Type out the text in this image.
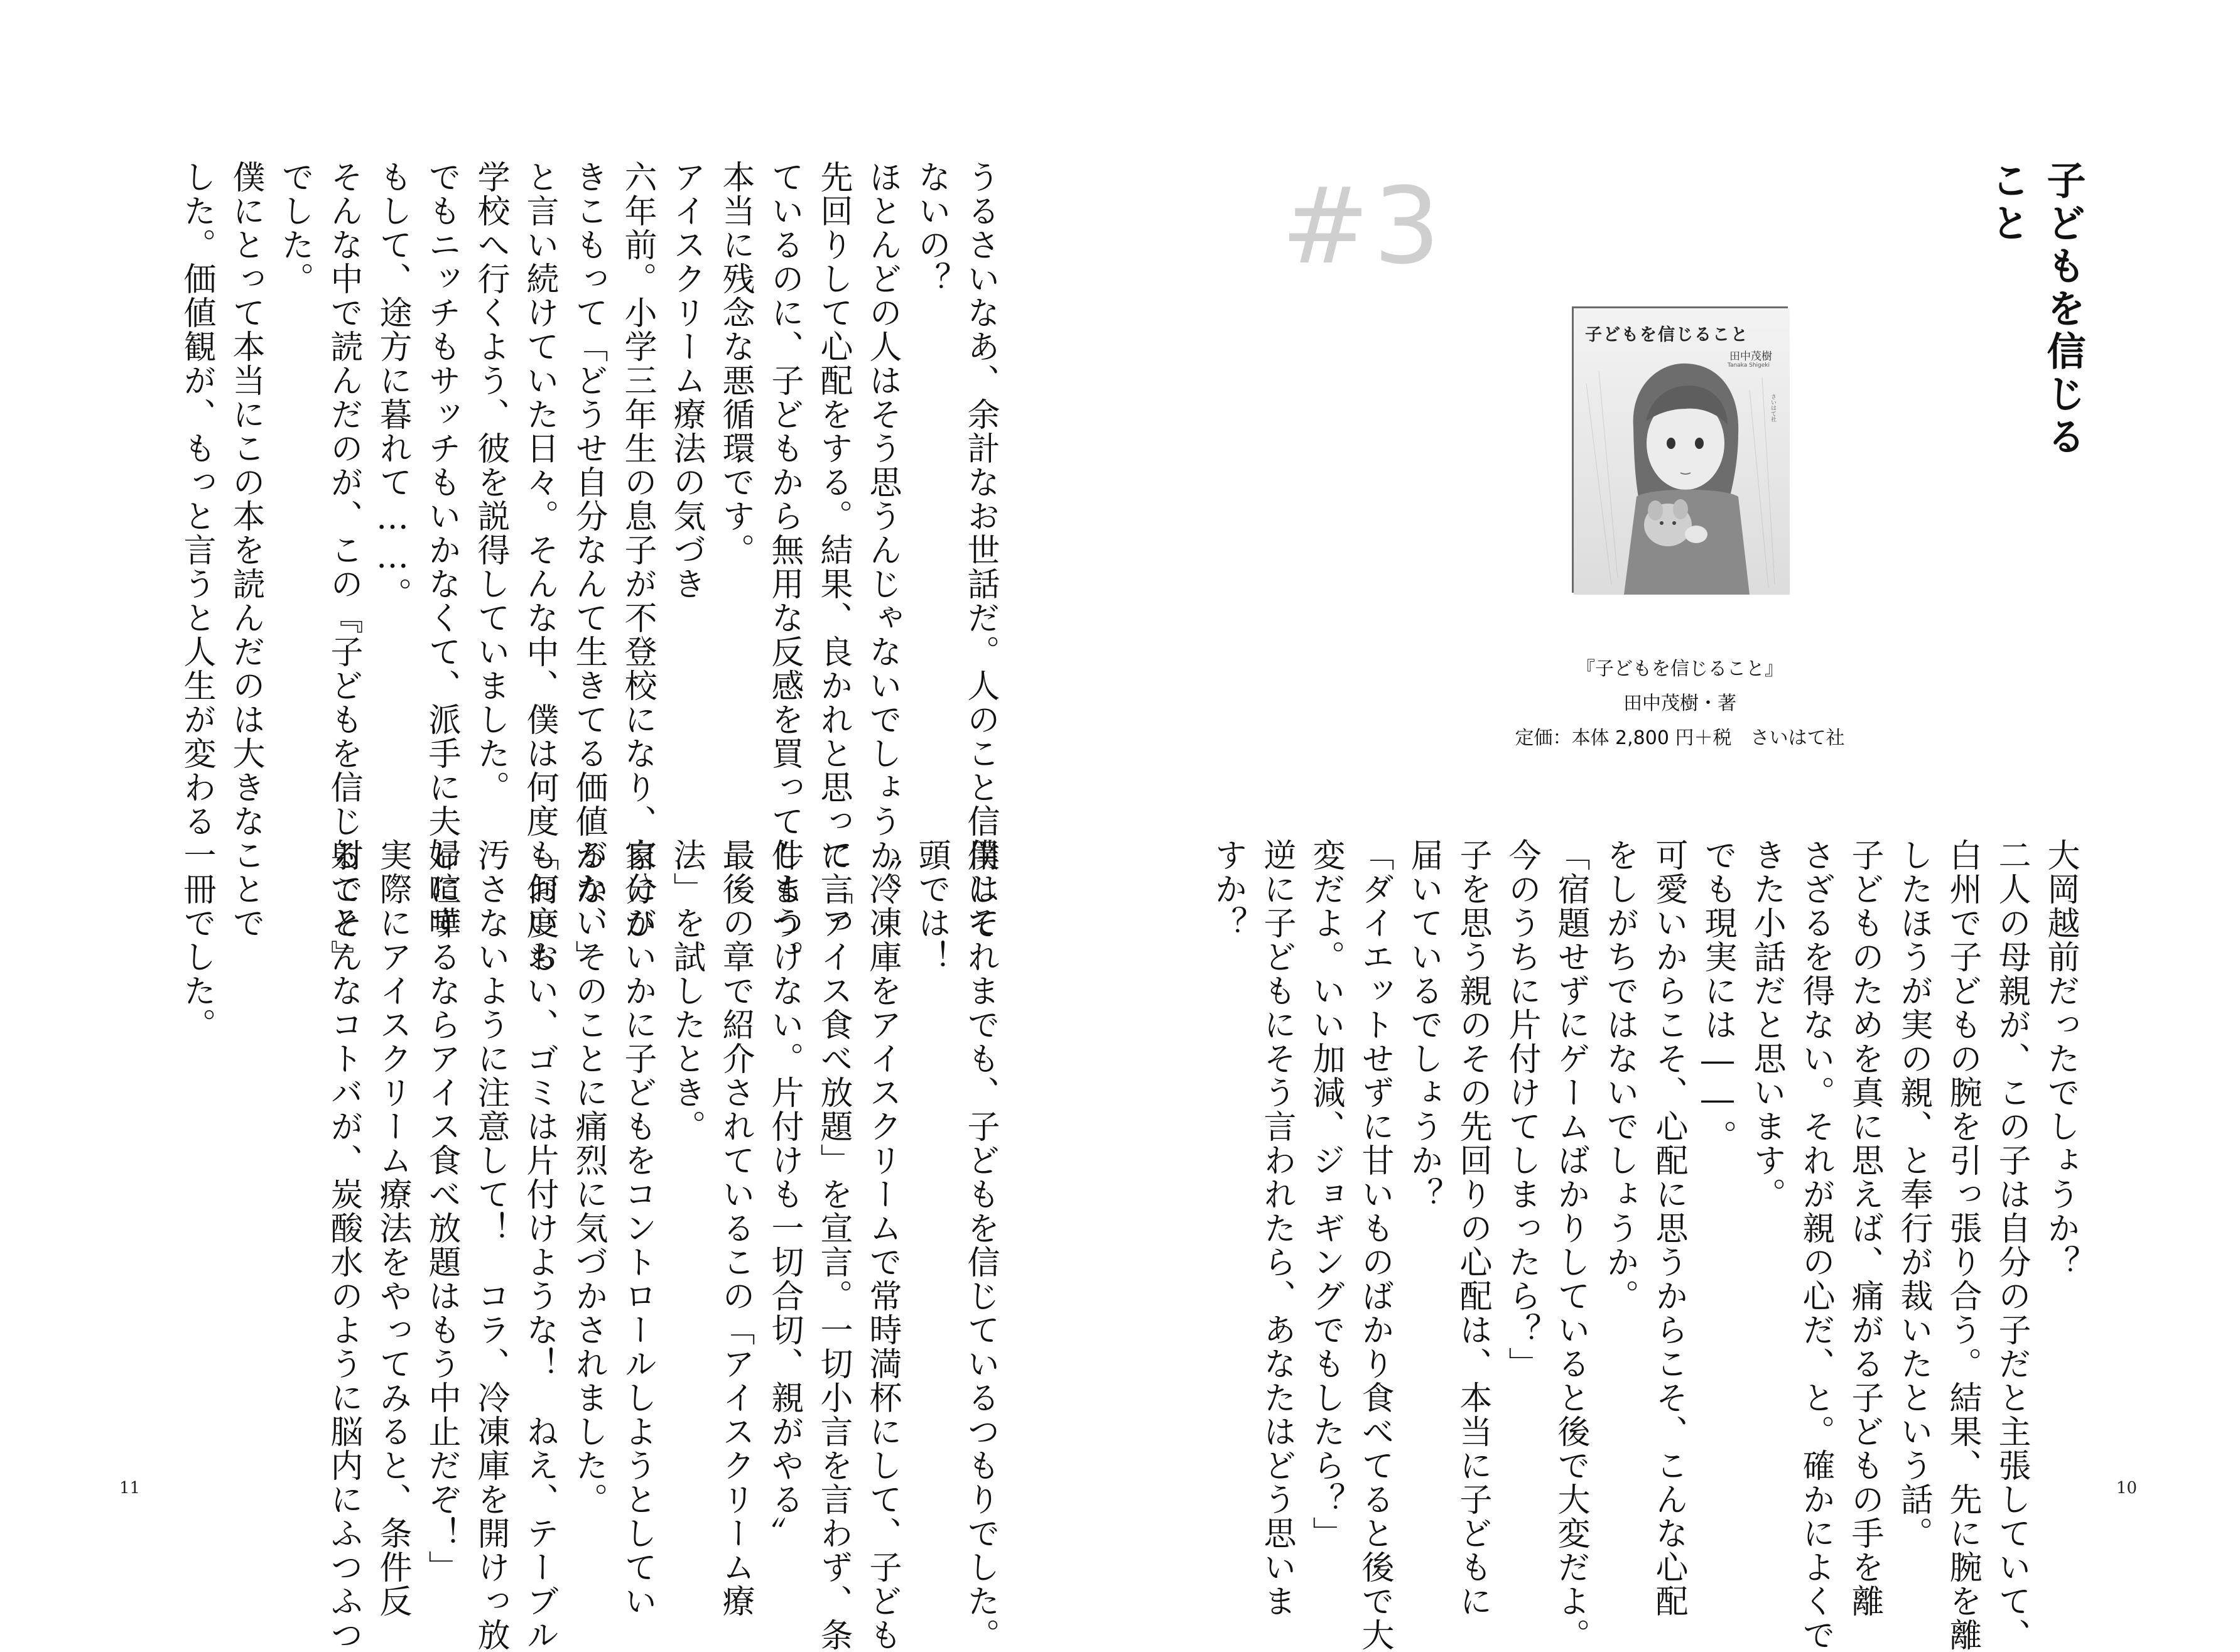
子どもを信じること
#3
子どもを信じること
田中茂樹
Tanaka Shigeki
さいはて社
『子どもを信じること』
田中茂樹・著
定価：本体 2,800 円＋税　さいはて社
大岡越前だったでしょうか？
二人の母親が、この子は自分の子だと主張していて、
白州で子どもの腕を引っ張り合う。結果、先に腕を離
したほうが実の親、と奉行が裁いたという話。
子どものためを真に思えば、痛がる子どもの手を離
さざるを得ない。それが親の心だ、と。確かによくで
きた小話だと思います。
でも現実には――。
可愛いからこそ、心配に思うからこそ、こんな心配
をしがちではないでしょうか。
「宿題せずにゲームばかりしていると後で大変だよ。
今のうちに片付けてしまったら？」
子を思う親のその先回りの心配は、本当に子どもに
届いているでしょうか？
「ダイエットせずに甘いものばかり食べてると後で大
変だよ。いい加減、ジョギングでもしたら？」
逆に子どもにそう言われたら、あなたはどう思いま
すか？
10
うるさいなあ、余計なお世話だ。人のこと信用して
ないの？
ほとんどの人はそう思うんじゃないでしょうか。
先回りして心配をする。結果、良かれと思って言っ
ているのに、子どもから無用な反感を買ってしまう。
本当に残念な悪循環です。
アイスクリーム療法の気づき
六年前。小学三年生の息子が不登校になり、家にひ
きこもって「どうせ自分なんて生きてる価値がない」
と言い続けていた日々。そんな中、僕は何度も何度も
学校へ行くよう、彼を説得していました。
でもニッチもサッチもいかなくて、派手に夫婦喧嘩
もして、途方に暮れて……。
そんな中で読んだのが、この『子どもを信じること』
でした。
僕にとって本当にこの本を読んだのは大きなことで
した。価値観が、もっと言うと人生が変わる一冊でした。
僕はそれまでも、子どもを信じているつもりでした。
頭では！
〝冷凍庫をアイスクリームで常時満杯にして、子ども
に「アイス食べ放題」を宣言。一切小言を言わず、条
件もつけない。片付けも一切合切、親がやる〟
最後の章で紹介されているこの「アイスクリーム療
法」を試したとき。
自分がいかに子どもをコントロールしようとしてい
るか、そのことに痛烈に気づかされました。
「おいおい、ゴミは片付けような！　ねえ、テーブル
汚さないように注意して！　コラ、冷凍庫を開けっ放
しにするならアイス食べ放題はもう中止だぞ！」
実際にアイスクリーム療法をやってみると、条件反
射でそんなコトバが、炭酸水のように脳内にふつふつ
11
